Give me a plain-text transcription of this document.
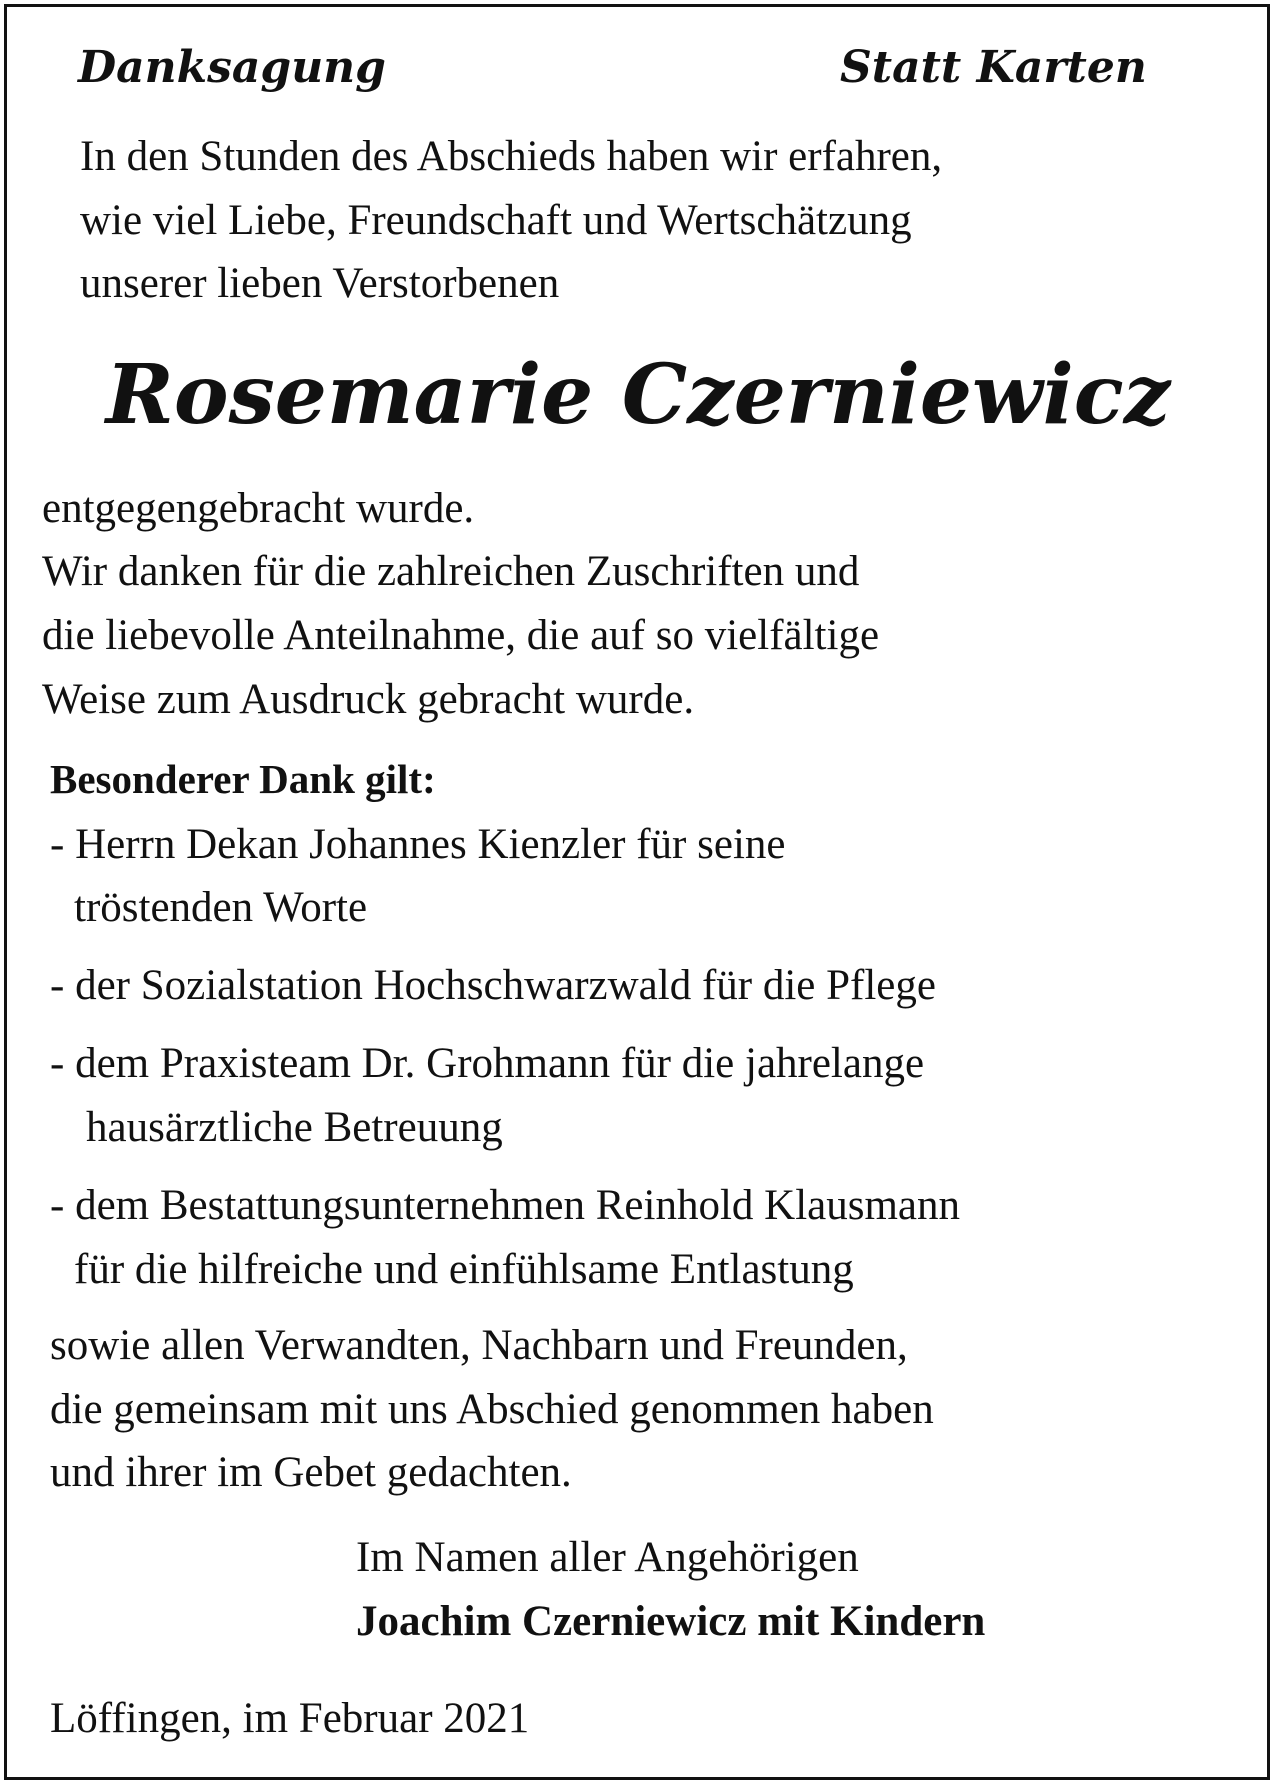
Danksagung	Statt Karten
In den Stunden des Abschieds haben wir erfahren,
wie viel Liebe, Freundschaft und Wertschätzung
unserer lieben Verstorbenen
Rosemarie Czerniewicz
entgegengebracht wurde.
Wir danken für die zahlreichen Zuschriften und
die liebevolle Anteilnahme, die auf so vielfältige
Weise zum Ausdruck gebracht wurde.
Besonderer Dank gilt:
- Herrn Dekan Johannes Kienzler für seine
tröstenden Worte
- der Sozialstation Hochschwarzwald für die Pflege
- dem Praxisteam Dr. Grohmann für die jahrelange
hausärztliche Betreuung
- dem Bestattungsunternehmen Reinhold Klausmann
für die hilfreiche und einfühlsame Entlastung
sowie allen Verwandten, Nachbarn und Freunden,
die gemeinsam mit uns Abschied genommen haben
und ihrer im Gebet gedachten.
Im Namen aller Angehörigen
Joachim Czerniewicz mit Kindern
Löffingen, im Februar 2021
